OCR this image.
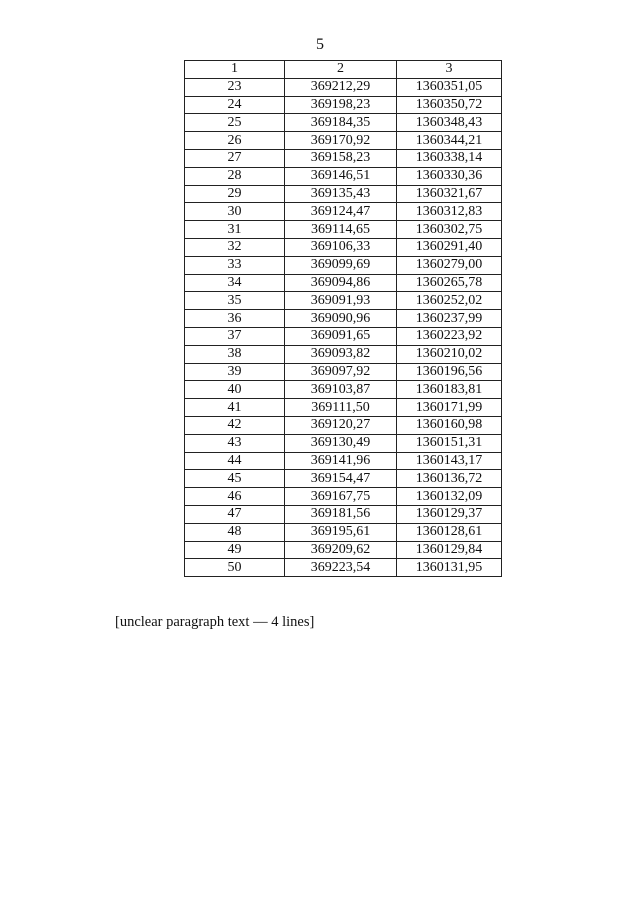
5
1	2	3
23	369212,29	1360351,05
24	369198,23	1360350,72
25	369184,35	1360348,43
26	369170,92	1360344,21
27	369158,23	1360338,14
28	369146,51	1360330,36
29	369135,43	1360321,67
30	369124,47	1360312,83
31	369114,65	1360302,75
32	369106,33	1360291,40
33	369099,69	1360279,00
34	369094,86	1360265,78
35	369091,93	1360252,02
36	369090,96	1360237,99
37	369091,65	1360223,92
38	369093,82	1360210,02
39	369097,92	1360196,56
40	369103,87	1360183,81
41	369111,50	1360171,99
42	369120,27	1360160,98
43	369130,49	1360151,31
44	369141,96	1360143,17
45	369154,47	1360136,72
46	369167,75	1360132,09
47	369181,56	1360129,37
48	369195,61	1360128,61
49	369209,62	1360129,84
50	369223,54	1360131,95

[unclear paragraph text — 4 lines]
